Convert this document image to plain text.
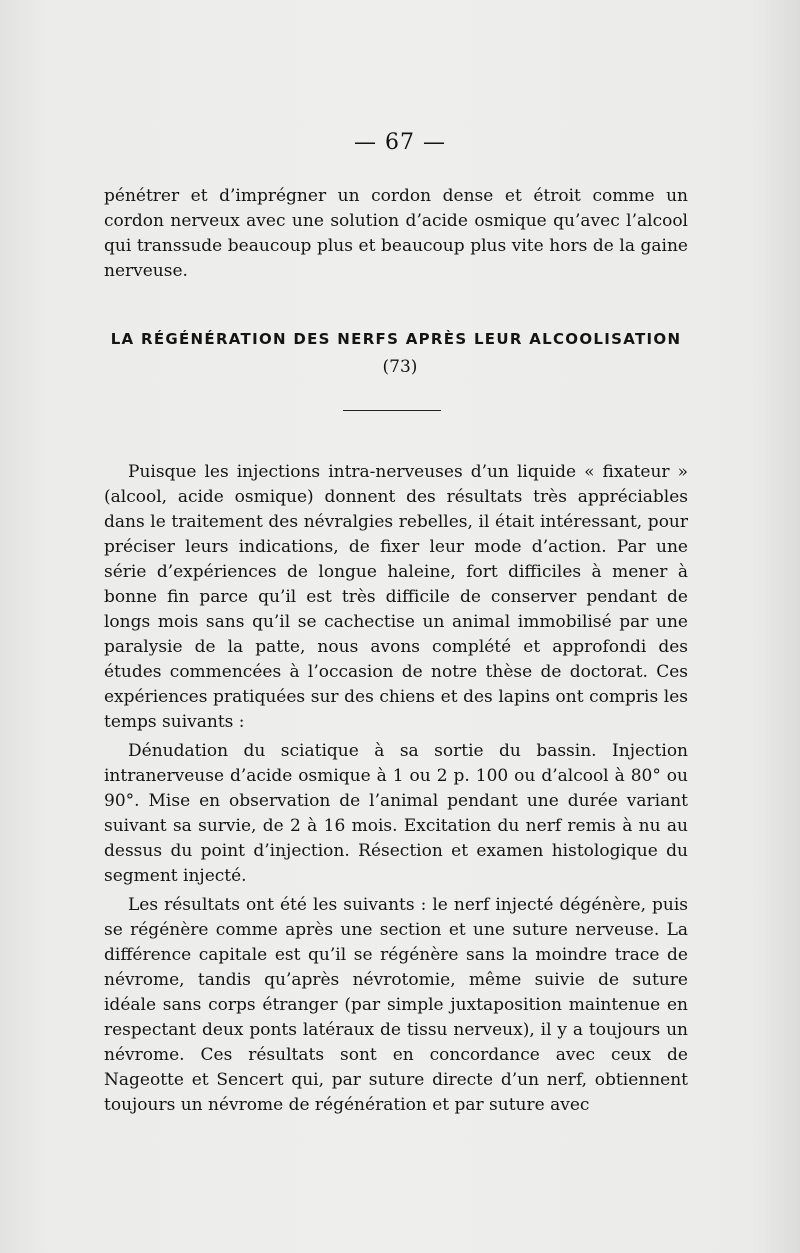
— 67 —

pénétrer et d’imprégner un cordon dense et étroit comme un cordon nerveux avec une solution d’acide osmique qu’avec l’alcool qui transsude beaucoup plus et beaucoup plus vite hors de la gaine nerveuse.

LA RÉGÉNÉRATION DES NERFS APRÈS LEUR ALCOOLISATION
(73)

Puisque les injections intra-nerveuses d’un liquide « fixateur » (alcool, acide osmique) donnent des résultats très appréciables dans le traitement des névralgies rebelles, il était intéressant, pour préciser leurs indications, de fixer leur mode d’action. Par une série d’expériences de longue haleine, fort difficiles à mener à bonne fin parce qu’il est très difficile de conserver pendant de longs mois sans qu’il se cachectise un animal immobilisé par une paralysie de la patte, nous avons complété et approfondi des études commencées à l’occasion de notre thèse de doctorat. Ces expériences pratiquées sur des chiens et des lapins ont compris les temps suivants :

Dénudation du sciatique à sa sortie du bassin. Injection intranerveuse d’acide osmique à 1 ou 2 p. 100 ou d’alcool à 80° ou 90°. Mise en observation de l’animal pendant une durée variant suivant sa survie, de 2 à 16 mois. Excitation du nerf remis à nu au dessus du point d’injection. Résection et examen histologique du segment injecté.

Les résultats ont été les suivants : le nerf injecté dégénère, puis se régénère comme après une section et une suture nerveuse. La différence capitale est qu’il se régénère sans la moindre trace de névrome, tandis qu’après névrotomie, même suivie de suture idéale sans corps étranger (par simple juxtaposition maintenue en respectant deux ponts latéraux de tissu nerveux), il y a toujours un névrome. Ces résultats sont en concordance avec ceux de Nageotte et Sencert qui, par suture directe d’un nerf, obtiennent toujours un névrome de régénération et par suture avec
